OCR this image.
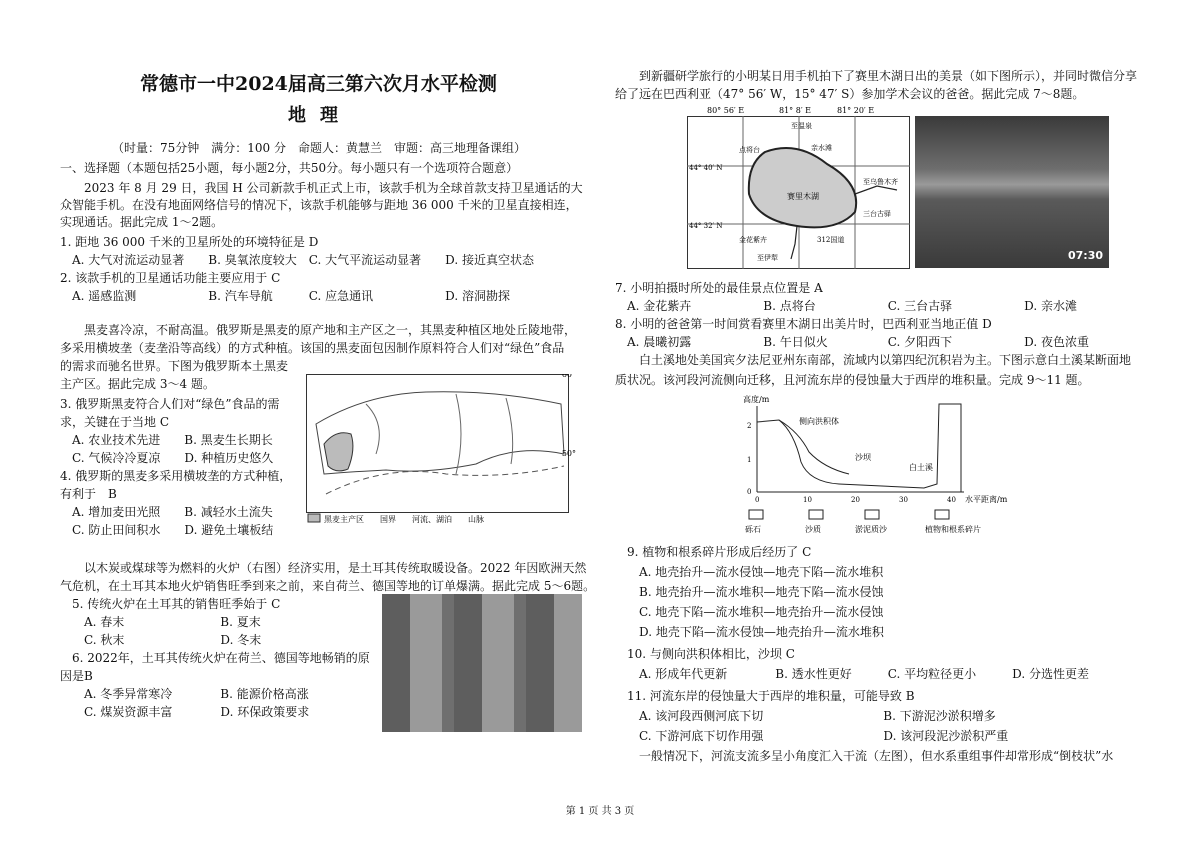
常德市一中2024届高三第六次月水平检测
地理
（时量：75分钟　满分：100 分　命题人：黄慧兰　审题：高三地理备课组）
一、选择题（本题包括25小题，每小题2分，共50分。每小题只有一个选项符合题意）
　　2023 年 8 月 29 日，我国 H 公司新款手机正式上市，该款手机为全球首款支持卫星通话的大
众智能手机。在没有地面网络信号的情况下，该款手机能够与距地 36 000 千米的卫星直接相连，
实现通话。据此完成 1～2题。
1. 距地 36 000 千米的卫星所处的环境特征是 D
　A. 大气对流运动显著　　B. 臭氧浓度较大　C. 大气平流运动显著　　D. 接近真空状态
2. 该款手机的卫星通话功能主要应用于 C
　A. 遥感监测　　　　　　B. 汽车导航　　　C. 应急通讯　　　　　　D. 溶洞勘探
　　黑麦喜冷凉，不耐高温。俄罗斯是黑麦的原产地和主产区之一，其黑麦种植区地处丘陵地带，
多采用横坡垄（麦垄沿等高线）的方式种植。该国的黑麦面包因制作原料符合人们对“绿色”食品
的需求而驰名世界。下图为俄罗斯本土黑麦
主产区。据此完成 3～4 题。
3. 俄罗斯黑麦符合人们对“绿色”食品的需
求，关键在于当地 C
　A. 农业技术先进　　B. 黑麦生长期长
　C. 气候冷冷夏凉　　D. 种植历史悠久
4. 俄罗斯的黑麦多采用横坡垄的方式种植，
有利于　B
　A. 增加麦田光照　　B. 减轻水土流失
　C. 防止田间积水　　D. 避免土壤板结
60°
50°
黑麦主产区　　国界　　河流、湖泊　　山脉
　　以木炭或煤球等为燃料的火炉（右图）经济实用，是土耳其传统取暖设备。2022 年因欧洲天然
气危机，在土耳其本地火炉销售旺季到来之前，来自荷兰、德国等地的订单爆满。据此完成 5～6题。
　5. 传统火炉在土耳其的销售旺季始于 C
　　A. 春末　　　　　　　　B. 夏末
　　C. 秋末　　　　　　　　D. 冬末
　6. 2022年，土耳其传统火炉在荷兰、德国等地畅销的原
因是B
　　A. 冬季异常寒冷　　　　B. 能源价格高涨
　　C. 煤炭资源丰富　　　　D. 环保政策要求
　　到新疆研学旅行的小明某日用手机拍下了赛里木湖日出的美景（如下图所示），并同时微信分享
给了远在巴西利亚（47° 56′ W，15° 47′ S）参加学术会议的爸爸。据此完成 7～8题。
80° 56′ E	81° 8′ E	81° 20′ E
赛里木湖
至温泉
点将台	亲水滩
至乌鲁木齐
三台古驿
金花紫卉
至伊犁
312国道
44° 40′ N
44° 32′ N
07:30
7. 小明拍摄时所处的最佳景点位置是 A
　A. 金花紫卉　　　　　　B. 点将台　　　　　　C. 三台古驿　　　　　　D. 亲水滩
8. 小明的爸爸第一时间赏看赛里木湖日出美片时，巴西利亚当地正值 D
　A. 晨曦初露　　　　　　B. 午日似火　　　　　C. 夕阳西下　　　　　　D. 夜色浓重
　　白土溪地处美国宾夕法尼亚州东南部，流域内以第四纪沉积岩为主。下图示意白土溪某断面地
质状况。该河段河流侧向迁移，且河流东岸的侵蚀量大于西岸的堆积量。完成 9～11 题。
高度/m
2
1
0
侧向洪积体
沙坝
白土溪
0	10	20	30	40 水平距离/m
砾石	沙质	淤泥质沙	植物和根系碎片
　9. 植物和根系碎片形成后经历了 C
　　A. 地壳抬升—流水侵蚀—地壳下陷—流水堆积
　　B. 地壳抬升—流水堆积—地壳下陷—流水侵蚀
　　C. 地壳下陷—流水堆积—地壳抬升—流水侵蚀
　　D. 地壳下陷—流水侵蚀—地壳抬升—流水堆积
　10. 与侧向洪积体相比，沙坝 C
　　A. 形成年代更新　　　　B. 透水性更好　　　C. 平均粒径更小　　　D. 分选性更差
　11. 河流东岸的侵蚀量大于西岸的堆积量，可能导致 B
　　A. 该河段西侧河底下切　　　　　　　　　　B. 下游泥沙淤积增多
　　C. 下游河底下切作用强　　　　　　　　　　D. 该河段泥沙淤积严重
　　一般情况下，河流支流多呈小角度汇入干流（左图），但水系重组事件却常形成“倒枝状”水
第 1 页 共 3 页
